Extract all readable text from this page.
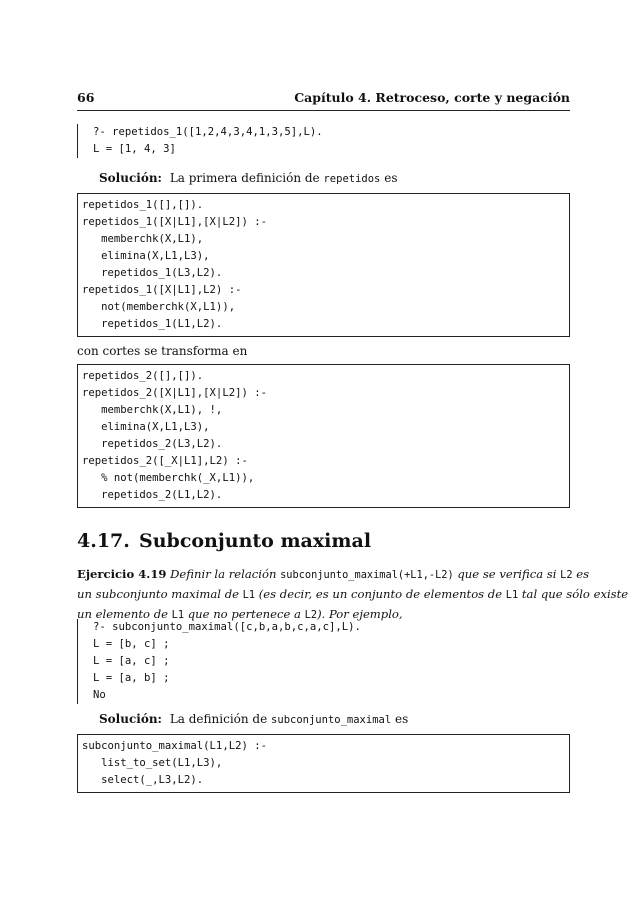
66	Capítulo 4. Retroceso, corte y negación
?- repetidos_1([1,2,4,3,4,1,3,5],L).
L = [1, 4, 3]
Solución: La primera definición de repetidos es
repetidos_1([],[]).
repetidos_1([X|L1],[X|L2]) :-
memberchk(X,L1),
elimina(X,L1,L3),
repetidos_1(L3,L2).
repetidos_1([X|L1],L2) :-
not(memberchk(X,L1)),
repetidos_1(L1,L2).
con cortes se transforma en
repetidos_2([],[]).
repetidos_2([X|L1],[X|L2]) :-
memberchk(X,L1), !,
elimina(X,L1,L3),
repetidos_2(L3,L2).
repetidos_2([_X|L1],L2) :-
% not(memberchk(_X,L1)),
repetidos_2(L1,L2).
4.17. Subconjunto maximal
Ejercicio 4.19 Definir la relación subconjunto_maximal(+L1,-L2) que se verifica si L2 es
un subconjunto maximal de L1 (es decir, es un conjunto de elementos de L1 tal que sólo existe
un elemento de L1 que no pertenece a L2). Por ejemplo,
?- subconjunto_maximal([c,b,a,b,c,a,c],L).
L = [b, c] ;
L = [a, c] ;
L = [a, b] ;
No
Solución: La definición de subconjunto_maximal es
subconjunto_maximal(L1,L2) :-
list_to_set(L1,L3),
select(_,L3,L2).
